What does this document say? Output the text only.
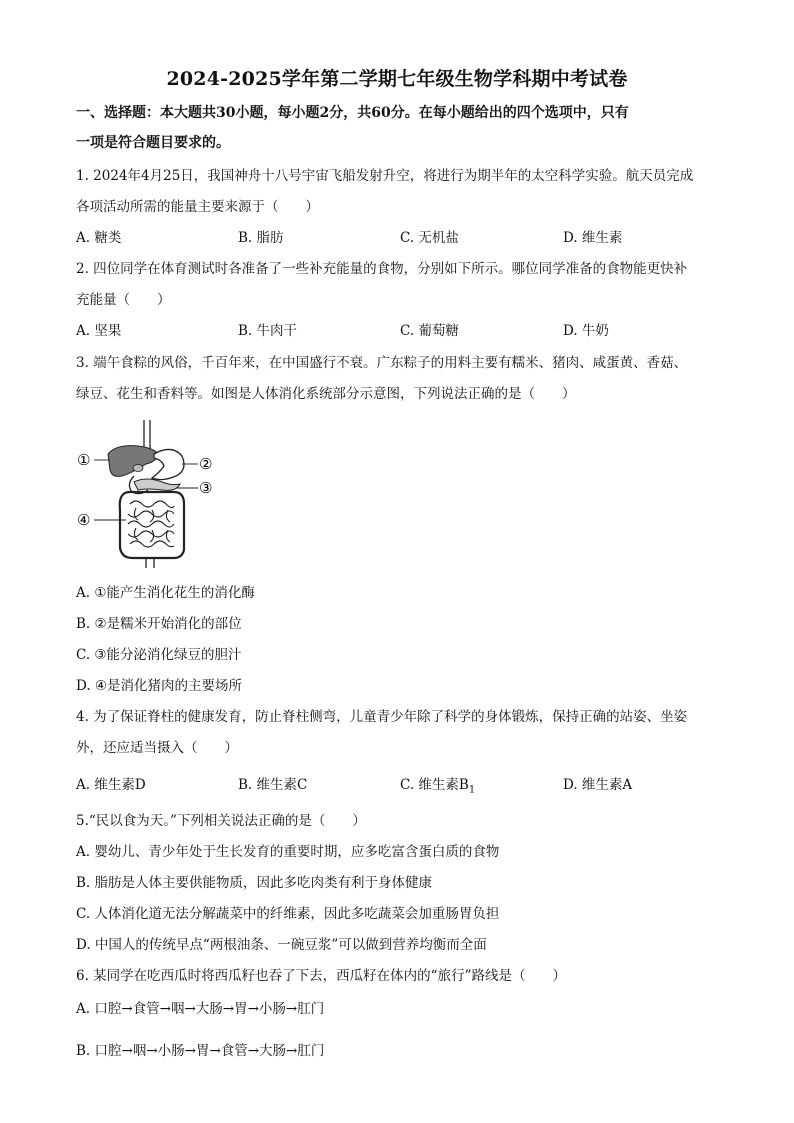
2024-2025学年第二学期七年级生物学科期中考试卷
一、选择题：本大题共30小题，每小题2分，共60分。在每小题给出的四个选项中，只有
一项是符合题目要求的。
1. 2024年4月25日，我国神舟十八号宇宙飞船发射升空，将进行为期半年的太空科学实验。航天员完成
各项活动所需的能量主要来源于（　　）
A. 糖类	B. 脂肪	C. 无机盐	D. 维生素
2. 四位同学在体育测试时各准备了一些补充能量的食物，分别如下所示。哪位同学准备的食物能更快补
充能量（　　）
A. 坚果	B. 牛肉干	C. 葡萄糖	D. 牛奶
3. 端午食粽的风俗，千百年来，在中国盛行不衰。广东粽子的用料主要有糯米、猪肉、咸蛋黄、香菇、
绿豆、花生和香料等。如图是人体消化系统部分示意图，下列说法正确的是（　　）
①	②
③
④
A. ①能产生消化花生的消化酶
B. ②是糯米开始消化的部位
C. ③能分泌消化绿豆的胆汁
D. ④是消化猪肉的主要场所
4. 为了保证脊柱的健康发育，防止脊柱侧弯，儿童青少年除了科学的身体锻炼，保持正确的站姿、坐姿
外，还应适当摄入（　　）
A. 维生素D	B. 维生素C	C. 维生素$B_1$	D. 维生素A
5.“民以食为天。”下列相关说法正确的是（　　）
A. 婴幼儿、青少年处于生长发育的重要时期，应多吃富含蛋白质的食物
B. 脂肪是人体主要供能物质，因此多吃肉类有利于身体健康
C. 人体消化道无法分解蔬菜中的纤维素，因此多吃蔬菜会加重肠胃负担
D. 中国人的传统早点“两根油条、一碗豆浆”可以做到营养均衡而全面
6. 某同学在吃西瓜时将西瓜籽也吞了下去，西瓜籽在体内的“旅行”路线是（　　）
A. 口腔→食管→咽→大肠→胃→小肠→肛门
B. 口腔→咽→小肠→胃→食管→大肠→肛门
